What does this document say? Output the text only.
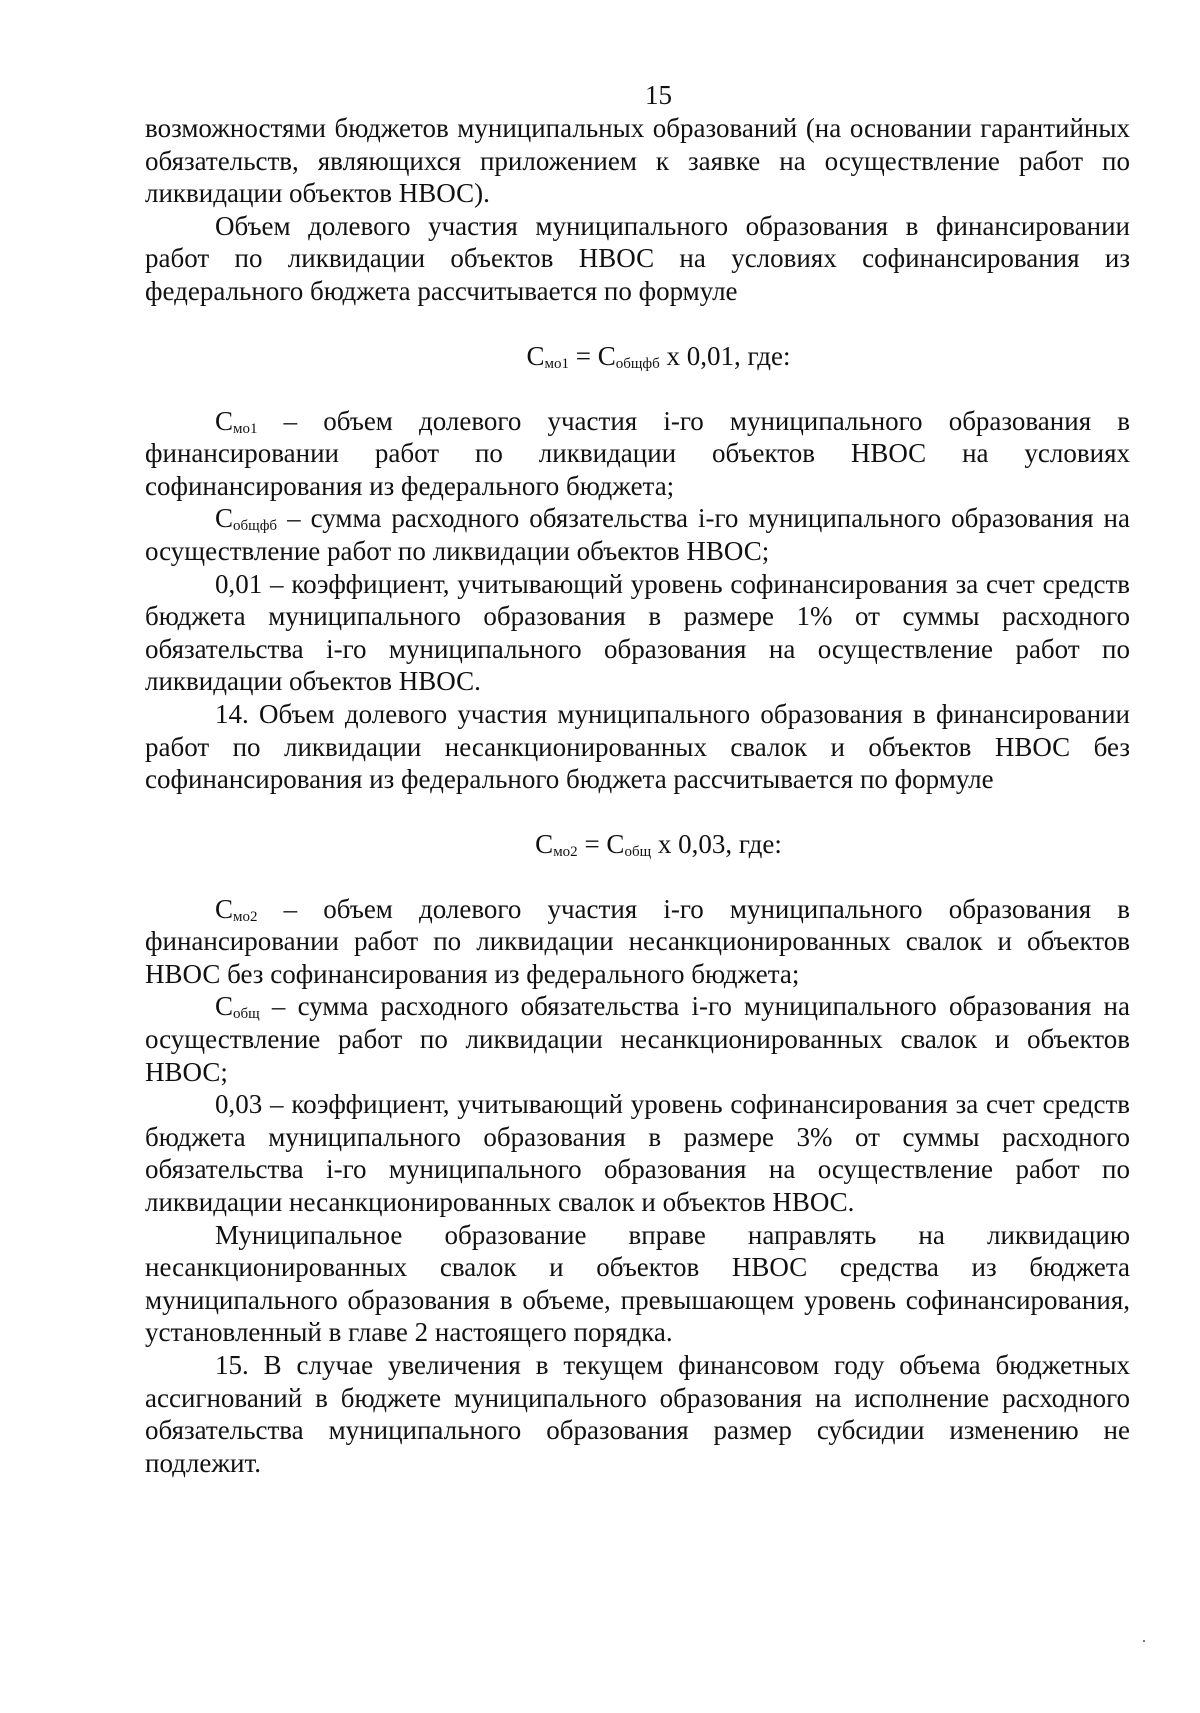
15

возможностями бюджетов муниципальных образований (на основании гарантийных обязательств, являющихся приложением к заявке на осуществление работ по ликвидации объектов НВОС).

Объем долевого участия муниципального образования в финансировании работ по ликвидации объектов НВОС на условиях софинансирования из федерального бюджета рассчитывается по формуле

$C_{мо1} = C_{общфб}$ x 0,01, где:

$C_{мо1}$ – объем долевого участия i-го муниципального образования в финансировании работ по ликвидации объектов НВОС на условиях софинансирования из федерального бюджета;

$C_{общфб}$ – сумма расходного обязательства i-го муниципального образования на осуществление работ по ликвидации объектов НВОС;

0,01 – коэффициент, учитывающий уровень софинансирования за счет средств бюджета муниципального образования в размере 1% от суммы расходного обязательства i-го муниципального образования на осуществление работ по ликвидации объектов НВОС.

14. Объем долевого участия муниципального образования в финансировании работ по ликвидации несанкционированных свалок и объектов НВОС без софинансирования из федерального бюджета рассчитывается по формуле

$C_{мо2} = C_{общ}$ x 0,03, где:

$C_{мо2}$ – объем долевого участия i-го муниципального образования в финансировании работ по ликвидации несанкционированных свалок и объектов НВОС без софинансирования из федерального бюджета;

$C_{общ}$ – сумма расходного обязательства i-го муниципального образования на осуществление работ по ликвидации несанкционированных свалок и объектов НВОС;

0,03 – коэффициент, учитывающий уровень софинансирования за счет средств бюджета муниципального образования в размере 3% от суммы расходного обязательства i-го муниципального образования на осуществление работ по ликвидации несанкционированных свалок и объектов НВОС.

Муниципальное образование вправе направлять на ликвидацию несанкционированных свалок и объектов НВОС средства из бюджета муниципального образования в объеме, превышающем уровень софинансирования, установленный в главе 2 настоящего порядка.

15. В случае увеличения в текущем финансовом году объема бюджетных ассигнований в бюджете муниципального образования на исполнение расходного обязательства муниципального образования размер субсидии изменению не подлежит.
